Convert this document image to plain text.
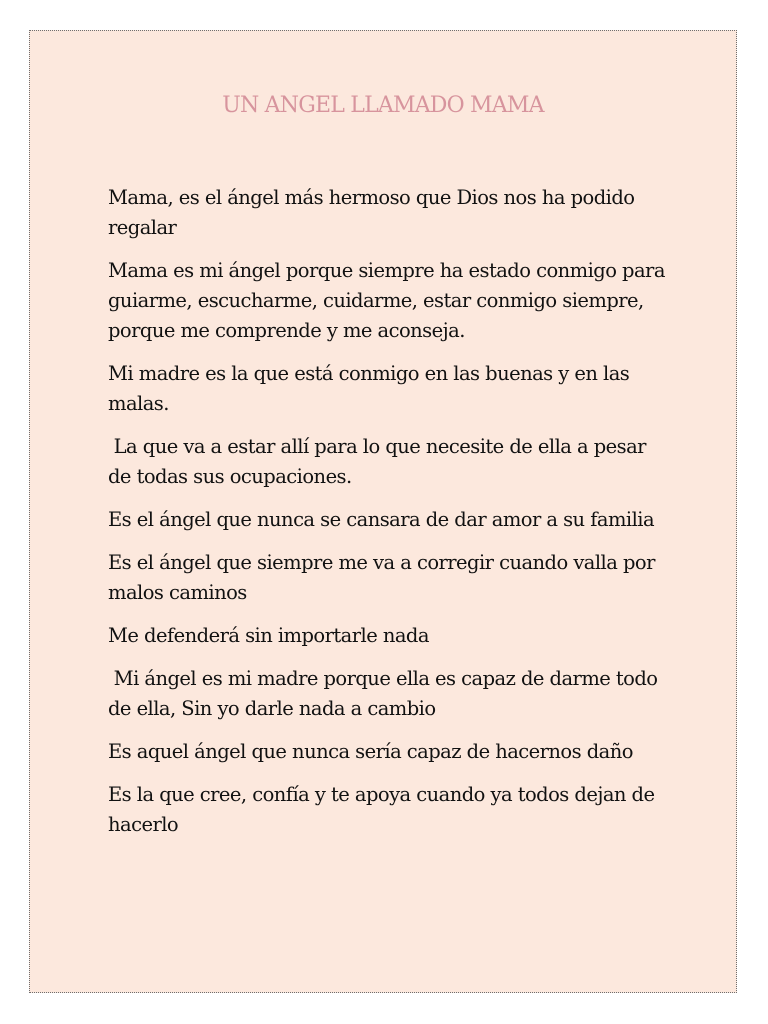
UN ANGEL LLAMADO MAMA

Mama, es el ángel más hermoso que Dios nos ha podido regalar

Mama es mi ángel porque siempre ha estado conmigo para guiarme, escucharme, cuidarme, estar conmigo siempre, porque me comprende y me aconseja.

Mi madre es la que está conmigo en las buenas y en las malas.

La que va a estar allí para lo que necesite de ella a pesar de todas sus ocupaciones.

Es el ángel que nunca se cansara de dar amor a su familia

Es el ángel que siempre me va a corregir cuando valla por malos caminos

Me defenderá sin importarle nada

Mi ángel es mi madre porque ella es capaz de darme todo de ella, Sin yo darle nada a cambio

Es aquel ángel que nunca sería capaz de hacernos daño

Es la que cree, confía y te apoya cuando ya todos dejan de hacerlo
